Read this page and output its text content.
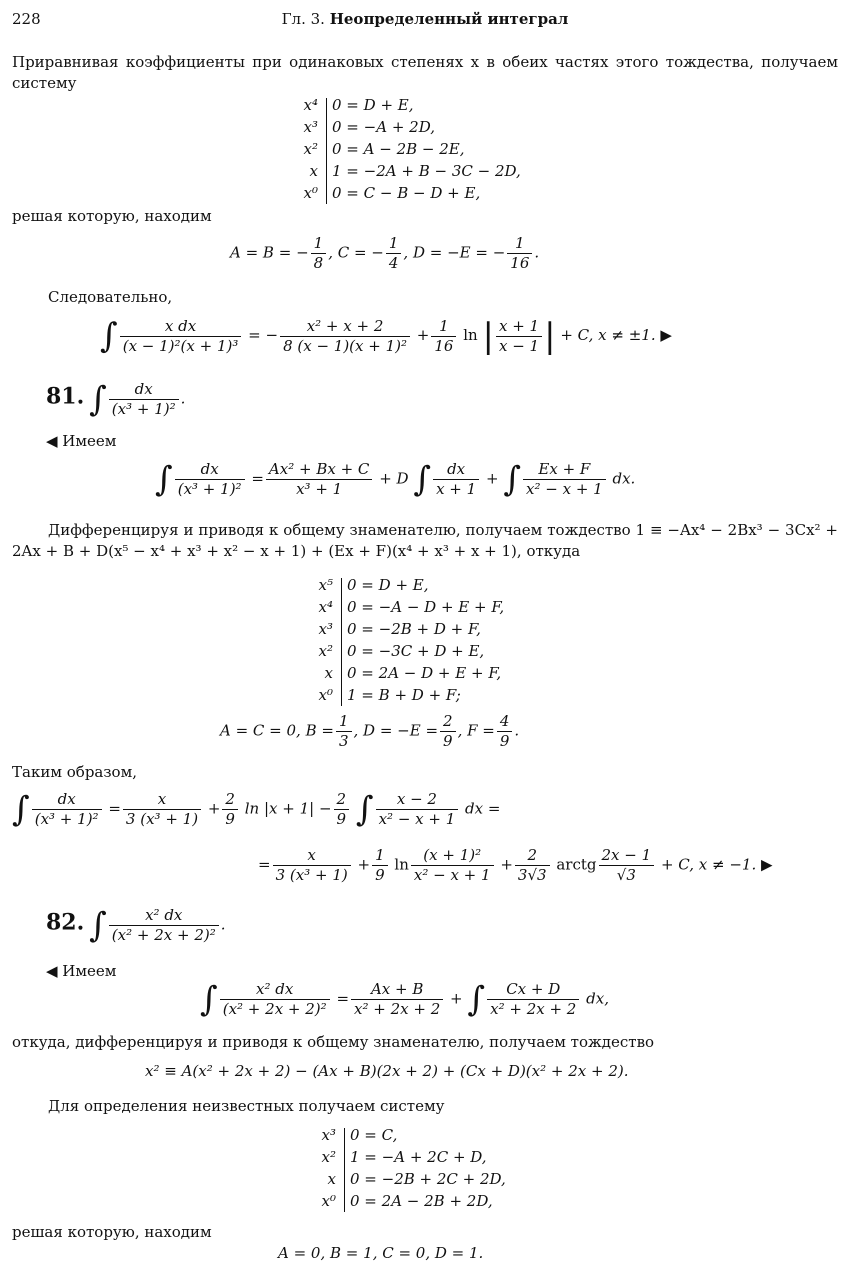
228	Гл. 3. Неопределенный интеграл
Приравнивая коэффициенты при одинаковых степенях x в обеих частях этого тождества, получаем систему
x⁴ 0 = D + E,
x³ 0 = −A + 2D,
x² 0 = A − 2B − 2E,
x 1 = −2A + B − 3C − 2D,
x⁰ 0 = C − B − D + E,
решая которую, находим
A = B = − $\frac{1}{8}$ , C = − $\frac{1}{4}$ , D = −E = − $\frac{1}{16}$ .
Следовательно,
∫ $\frac{\text{x dx}}{\text{(x − 1)²(x + 1)³}}$ = − $\frac{\text{x² + x + 2}}{\text{8 (x − 1)(x + 1)²}} + \frac{1}{16}$ ln | $\frac{x + 1}{x - 1}$ | + C, x ≠ ±1. ▶
81. ∫ $\frac{dx}{\text{(x³ + 1)²}}$ .
◀ Имеем
∫ $\frac{dx}{\text{(x³ + 1)²}} = \frac{\text{Ax² + Bx + C}}{\text{x³ + 1}} + D$ ∫ $\frac{dx}{x + 1}$ + ∫ $\frac{Ex + F}{\text{x² − x + 1}}$ dx.
Дифференцируя и приводя к общему знаменателю, получаем тождество 1 ≡ −Ax⁴ − 2Bx³ − 3Cx² + 2Ax + B + D(x⁵ − x⁴ + x³ + x² − x + 1) + (Ex + F)(x⁴ + x³ + x + 1), откуда
x⁵ 0 = D + E,
x⁴ 0 = −A − D + E + F,
x³ 0 = −2B + D + F,
x² 0 = −3C + D + E,
x 0 = 2A − D + E + F,
x⁰ 1 = B + D + F;
A = C = 0, $B = \frac{1}{3}$ , $D = -E = \frac{2}{9}$ , $F = \frac{4}{9}$ .
Таким образом,
∫ $\frac{dx}{\text{(x³ + 1)²}} = \frac{x}{\text{3 (x³ + 1)}} + \frac{2}{9}$ $\ln |x + 1| - \frac{2}{9}$ ∫ $\frac{x - 2}{\text{x² − x + 1}}$ dx =
= $\frac{x}{\text{3 (x³ + 1)}} + \frac{1}{9}$ $\ln \frac{\text{(x + 1)²}}{\text{x² − x + 1}} + \frac{2}{3√3}$ arctg $\frac{2x - 1}{√3} + C$, x ≠ −1. ▶
82. ∫ $\frac{\text{x² dx}}{\text{(x² + 2x + 2)²}}$ .
◀ Имеем
∫ $\frac{\text{x² dx}}{\text{(x² + 2x + 2)²}} = \frac{Ax + B}{\text{x² + 2x + 2}}$ + ∫ $\frac{Cx + D}{\text{x² + 2x + 2}}$ dx,
откуда, дифференцируя и приводя к общему знаменателю, получаем тождество
x² ≡ A(x² + 2x + 2) − (Ax + B)(2x + 2) + (Cx + D)(x² + 2x + 2).
Для определения неизвестных получаем систему
x³ 0 = C,
x² 1 = −A + 2C + D,
x 0 = −2B + 2C + 2D,
x⁰ 0 = 2A − 2B + 2D,
решая которую, находим
A = 0, B = 1, C = 0, D = 1.
